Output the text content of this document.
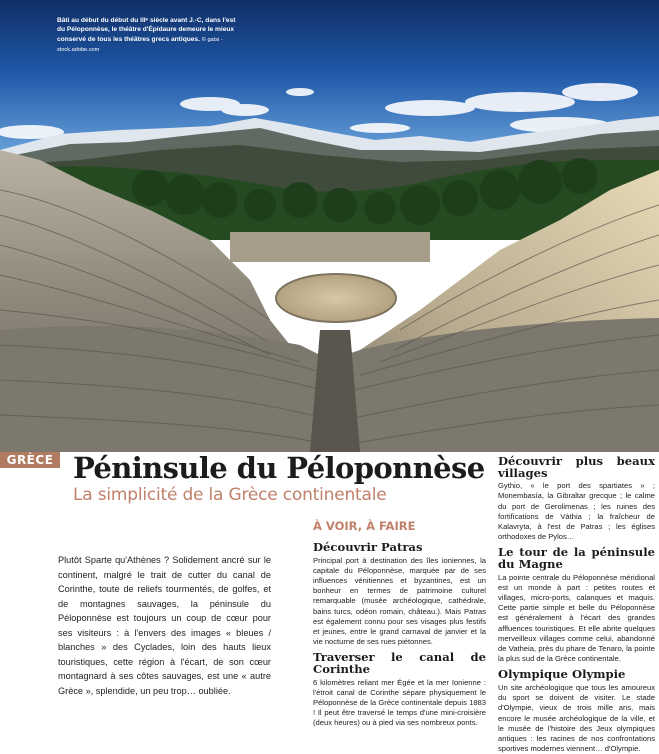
Bâti au début du début du IIIᵉ siècle avant J.-C, dans l'est du Péloponnèse, le théâtre d'Épidaure demeure le mieux conservé de tous les théâtres grecs antiques. © gatsi - stock.adobe.com
GRÈCE Péninsule du Péloponnèse
La simplicité de la Grèce continentale

Plutôt Sparte qu'Athènes ? Solidement ancré sur le continent, malgré le trait de cutter du canal de Corinthe, toute de reliefs tourmentés, de golfes, et de montagnes sauvages, la péninsule du Péloponnèse est toujours un coup de cœur pour ses visiteurs : à l'envers des images « bleues / blanches » des Cyclades, loin des hauts lieux touristiques, cette région à l'écart, de son cœur montagnard à ses côtes sauvages, est une « autre Grèce », splendide, un peu trop… oubliée.

À VOIR, À FAIRE
Découvrir Patras

Principal port à destination des îles ioniennes, la capitale du Péloponnèse, marquée par de ses influences vénitiennes et byzantines, est un bonheur en termes de patrimoine culturel remarquable (musée archéologique, cathédrale, bains turcs, odéon romain, château.). Mais Patras est également connu pour ses visages plus festifs et jeunes, entre le grand carnaval de janvier et la vie nocturne de ses rues piétonnes.

Traverser le canal de Corinthe

6 kilomètres reliant mer Égée et la mer Ionienne : l'étroit canal de Corinthe sépare physiquement le Péloponnèse de la Grèce continentale depuis 1883 ! Il peut être traversé le temps d'une mini-croisière (deux heures) ou à pied via ses nombreux ponts.

Découvrir plus beaux villages

Gythio, « le port des spartiates » ; Monembasía, la Gibraltar grecque ; le calme du port de Gerolimenas ; les ruines des fortifications de Vàthia ; la fraîcheur de Kalavryta, à l'est de Patras ; les églises orthodoxes de Pylos…

Le tour de la péninsule du Magne

La pointe centrale du Péloponnèse méridional est un monde à part : petites routes et villages, micro-ports, calanques et maquis. Cette partie simple et belle du Péloponnèse est généralement à l'écart des grandes affluences touristiques. Et elle abrite quelques merveilleux villages comme celui, abandonné de Vatheia, près du phare de Tenaro, la pointe la plus sud de la Grèce continentale.

Olympique Olympie

Un site archéologique que tous les amoureux du sport se doivent de visiter. Le stade d'Olympie, vieux de trois mille ans, mais encore le musée archéologique de la ville, et le musée de l'histoire des Jeux olympiques antiques : les racines de nos confrontations sportives modernes viennent… d'Olympie.
